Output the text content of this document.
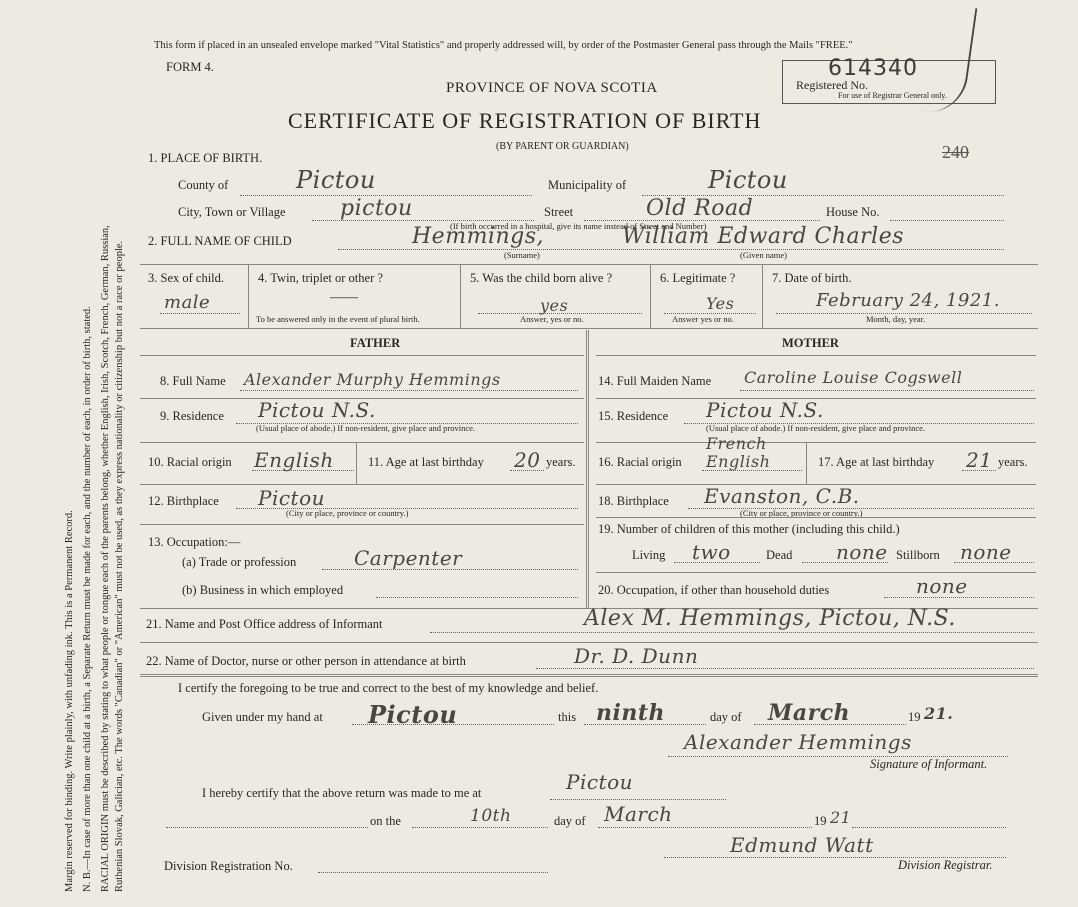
Margin reserved for binding. Write plainly, with unfading ink. This is a Permanent Record. N. B.—In case of more than one child at a birth, a Separate Return must be made for each, and the number of each, in order of birth, stated. RACIAL ORIGIN must be described by stating to what people or tongue each of the parents belong, whether English, Irish, Scotch, French, German, Russian, Ruthenian Slovak, Galician, etc. The words "Canadian" or "American" must not be used, as they express nationality or citizenship but not a race or people.
This form if placed in an unsealed envelope marked "Vital Statistics" and properly addressed will, by order of the Postmaster General pass through the Mails "FREE."
FORM 4.
PROVINCE OF NOVA SCOTIA
CERTIFICATE OF REGISTRATION OF BIRTH
(BY PARENT OR GUARDIAN)
Registered No.
For use of Registrar General only.
614340
240
1. PLACE OF BIRTH.
County of	Pictou	Municipality of	Pictou
City, Town or Village pictou	Street	Old Road	House No.
(If birth occurred in a hospital, give its name instead of Street and Number)
2. FULL NAME OF CHILD	Hemmings,	William Edward Charles
(Surname)	(Given name)
3. Sex of child.
male
4. Twin, triplet or other ?
——
To be answered only in the event of plural birth.
5. Was the child born alive ?
yes
Answer, yes or no.
6. Legitimate ?
Yes
Answer yes or no.
7. Date of birth.
February 24, 1921.
Month, day, year.
FATHER	MOTHER
8. Full Name Alexander Murphy Hemmings
9. Residence Pictou N.S.
(Usual place of abode.) If non-resident, give place and province.
10. Racial origin English	11. Age at last birthday 20 years.
12. Birthplace Pictou
(City or place, province or country.)
13. Occupation:—
(a) Trade or profession	Carpenter
(b) Business in which employed
14. Full Maiden Name Caroline Louise Cogswell
15. Residence Pictou N.S.
(Usual place of abode.) If non-resident, give place and province.
16. Racial origin
French
English	17. Age at last birthday 21 years.
18. Birthplace Evanston, C.B.
(City or place, province or country.)
19. Number of children of this mother (including this child.)
Living two	Dead none Stillborn none
20. Occupation, if other than household duties	none
21. Name and Post Office address of Informant	Alex M. Hemmings, Pictou, N.S.
22. Name of Doctor, nurse or other person in attendance at birth	Dr. D. Dunn
I certify the foregoing to be true and correct to the best of my knowledge and belief.
Given under my hand at Pictou	this ninth	day of March	19 21.
Alexander Hemmings
Signature of Informant.
I hereby certify that the above return was made to me at	Pictou
on the	10th	day of March	19 21
Division Registration No.
Edmund Watt
Division Registrar.
